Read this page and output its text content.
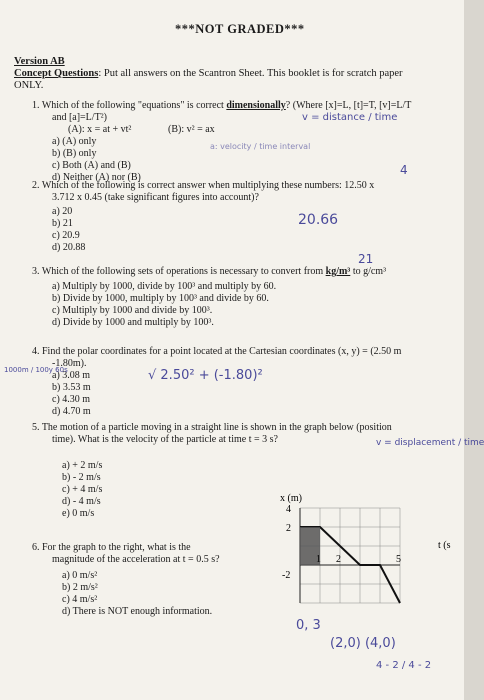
***NOT GRADED***
Version AB
Concept Questions: Put all answers on the Scantron Sheet. This booklet is for scratch paper
ONLY.
1. Which of the following "equations" is correct dimensionally? (Where [x]=L, [t]=T, [v]=L/T
and [a]=L/T²)
(A): x = at + vt²	(B): v² = ax
a) (A) only
b) (B) only
c) Both (A) and (B)
d) Neither (A) nor (B)
v = distance / time
a: velocity / time interval
4
2. Which of the following is correct answer when multiplying these numbers: 12.50 x
3.712 x 0.45 (take significant figures into account)?
a) 20
b) 21
c) 20.9
d) 20.88
20.66
21
3. Which of the following sets of operations is necessary to convert from kg/m³ to g/cm³
a) Multiply by 1000, divide by 100³ and multiply by 60.
b) Divide by 1000, multiply by 100³ and divide by 60.
c) Multiply by 1000 and divide by 100³.
d) Divide by 1000 and multiply by 100³.
4. Find the polar coordinates for a point located at the Cartesian coordinates (x, y) = (2.50 m
-1.80m).
a) 3.08 m
b) 3.53 m
c) 4.30 m
d) 4.70 m
√ 2.50² + (-1.80)²
1000m / 100y 60s
5. The motion of a particle moving in a straight line is shown in the graph below (position
time). What is the velocity of the particle at time t = 3 s?
a) + 2 m/s
b) - 2 m/s
c) + 4 m/s
d) - 4 m/s
e) 0 m/s
v = displacement / time
6. For the graph to the right, what is the
magnitude of the acceleration at t = 0.5 s?
a) 0 m/s²
b) 2 m/s²
c) 4 m/s²
d) There is NOT enough information.
x (m)
4
2
-2
1 2	5
t (s
0, 3
(2,0) (4,0)
4 - 2 / 4 - 2
